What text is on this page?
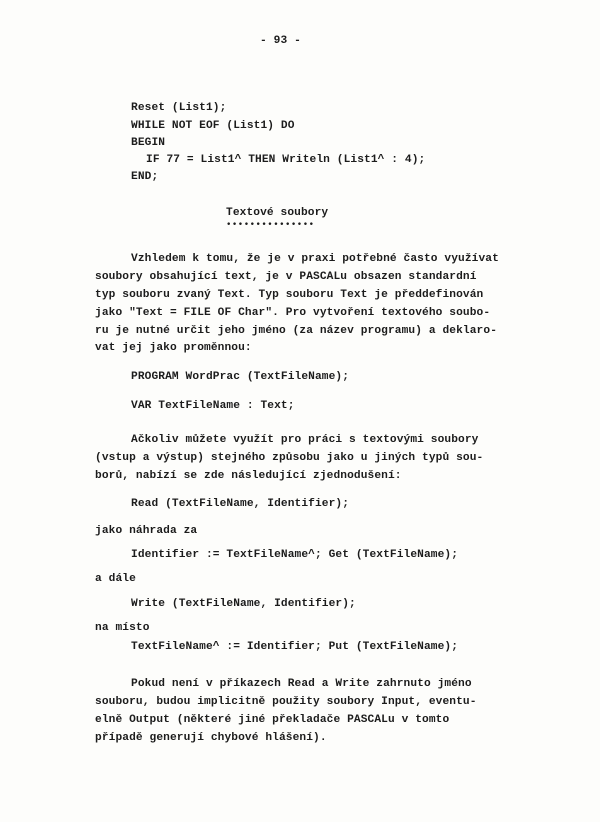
- 93 -
Reset (List1);
WHILE NOT EOF (List1) DO
BEGIN
IF 77 = List1^ THEN Writeln (List1^ : 4);
END;
Textové soubory
•••••••••••••••
Vzhledem k tomu, že je v praxi potřebné často využívat
soubory obsahující text, je v PASCALu obsazen standardní
typ souboru zvaný Text. Typ souboru Text je předdefinován
jako "Text = FILE OF Char". Pro vytvoření textového soubo-
ru je nutné určit jeho jméno (za název programu) a deklaro-
vat jej jako proměnnou:
PROGRAM WordPrac (TextFileName);
VAR TextFileName : Text;
Ačkoliv můžete využít pro práci s textovými soubory
(vstup a výstup) stejného způsobu jako u jiných typů sou-
borů, nabízí se zde následující zjednodušení:
Read (TextFileName, Identifier);
jako náhrada za
Identifier := TextFileName^; Get (TextFileName);
a dále
Write (TextFileName, Identifier);
na místo
TextFileName^ := Identifier; Put (TextFileName);
Pokud není v příkazech Read a Write zahrnuto jméno
souboru, budou implicitně použity soubory Input, eventu-
elně Output (některé jiné překladače PASCALu v tomto
případě generují chybové hlášení).
